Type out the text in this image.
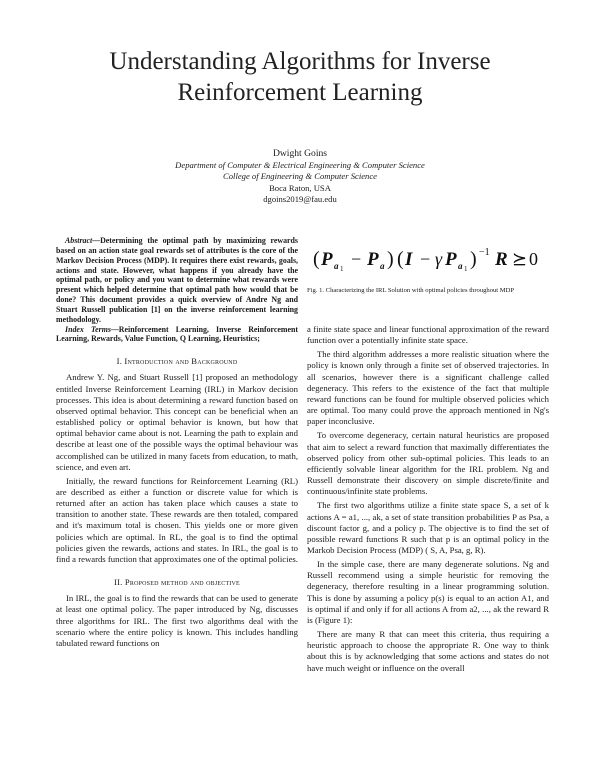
Understanding Algorithms for Inverse Reinforcement Learning
Dwight Goins
Department of Computer & Electrical Engineering & Computer Science
College of Engineering & Computer Science
Boca Raton, USA
dgoins2019@fau.edu

Abstract—Determining the optimal path by maximizing rewards based on an action state goal rewards set of attributes is the core of the Markov Decision Process (MDP). It requires there exist rewards, goals, actions and state. However, what happens if you already have the optimal path, or policy and you want to determine what rewards were present which helped determine that optimal path how would that be done? This document provides a quick overview of Andre Ng and Stuart Russell publication [1] on the inverse reinforcement learning methodology.

Index Terms—Reinforcement Learning, Inverse Reinforcement Learning, Rewards, Value Function, Q Learning, Heuristics;

I. Introduction and Background

Andrew Y. Ng, and Stuart Russell [1] proposed an methodology entitled Inverse Reinforcement Learning (IRL) in Markov decision processes. This idea is about determining a reward function based on observed optimal behavior. This concept can be beneficial when an established policy or optimal behavior is known, but how that optimal behavior came about is not. Learning the path to explain and describe at least one of the possible ways the optimal behaviour was accomplished can be utilized in many facets from education, to math, science, and even art.

Initially, the reward functions for Reinforcement Learning (RL) are described as either a function or discrete value for which is returned after an action has taken place which causes a state to transition to another state. These rewards are then totaled, compared and it's maximum total is chosen. This yields one or more given policies which are optimal. In RL, the goal is to find the optimal policies given the rewards, actions and states. In IRL, the goal is to find a rewards function that approximates one of the optimal policies.

II. Proposed method and objective

In IRL, the goal is to find the rewards that can be used to generate at least one optimal policy. The paper introduced by Ng, discusses three algorithms for IRL. The first two algorithms deal with the scenario where the entire policy is known. This includes handling tabulated reward functions on

( P a 1 − P a ) ( I − γ P a 1 ) −1 R ⪰ 0
Fig. 1. Characterizing the IRL Solution with optimal policies throughout MDP

a finite state space and linear functional approximation of the reward function over a potentially infinite state space.

The third algorithm addresses a more realistic situation where the policy is known only through a finite set of observed trajectories. In all scenarios, however there is a significant challenge called degeneracy. This refers to the existence of the fact that multiple reward functions can be found for multiple observed policies which are optimal. Too many could prove the approach mentioned in Ng's paper inconclusive.

To overcome degeneracy, certain natural heuristics are proposed that aim to select a reward function that maximally differentiates the observed policy from other sub-optimal policies. This leads to an efficiently solvable linear algorithm for the IRL problem. Ng and Russell demonstrate their discovery on simple discrete/finite and continuous/infinite state problems.

The first two algorithms utilize a finite state space S, a set of k actions A = a1, ..., ak, a set of state transition probabilities P as Psa, a discount factor g, and a policy p. The objective is to find the set of possible reward functions R such that p is an optimal policy in the Markob Decision Process (MDP) ( S, A, Psa, g, R).

In the simple case, there are many degenerate solutions. Ng and Russell recommend using a simple heuristic for removing the degeneracy, therefore resulting in a linear programming solution. This is done by assuming a policy p(s) is equal to an action A1, and is optimal if and only if for all actions A from a2, ..., ak the reward R is (Figure 1):

There are many R that can meet this criteria, thus requiring a heuristic approach to choose the appropriate R. One way to think about this is by acknowledging that some actions and states do not have much weight or influence on the overall
